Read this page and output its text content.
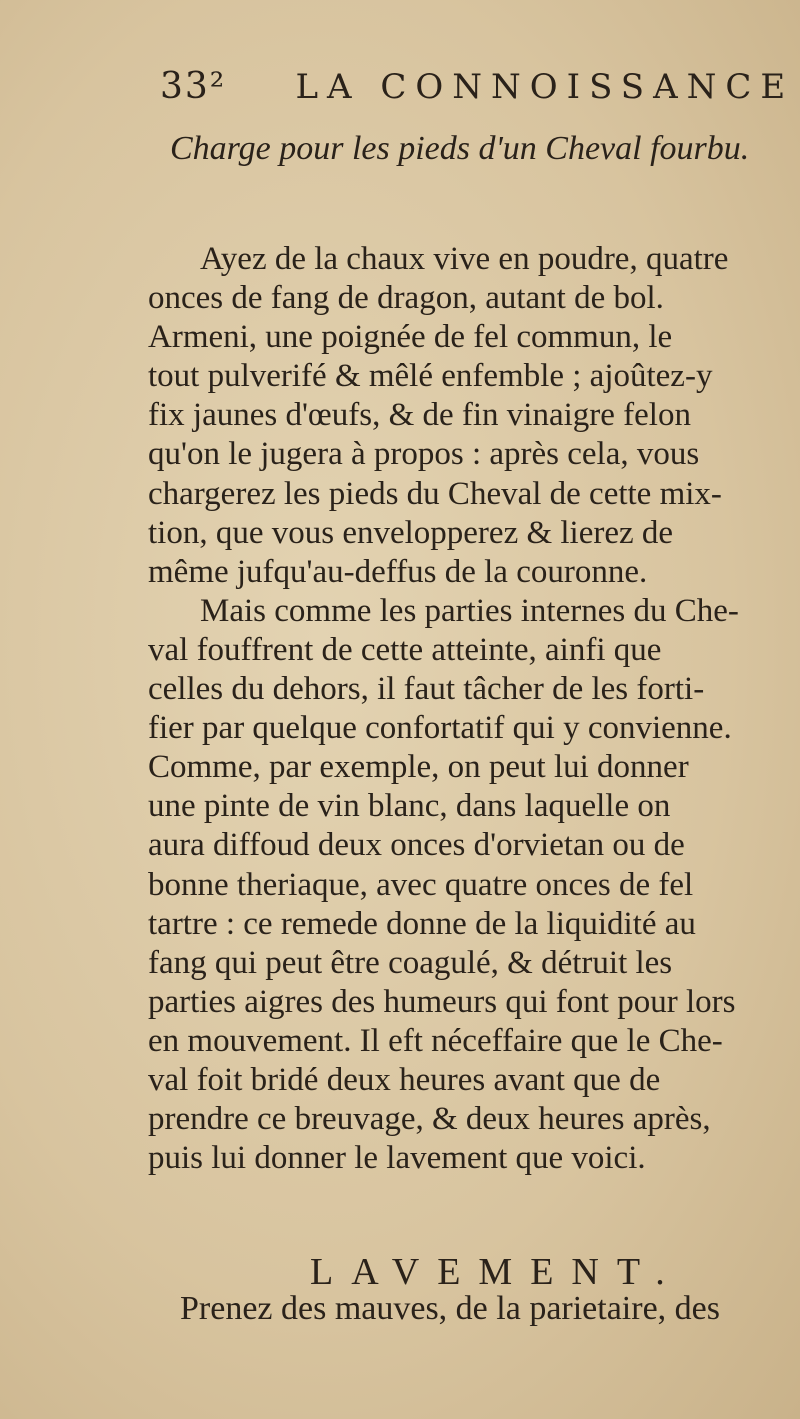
33² LA CONNOISSANCE
Charge pour les pieds d'un Cheval fourbu.
Ayez de la chaux vive en poudre, quatre
onces de fang de dragon, autant de bol.
Armeni, une poignée de fel commun, le
tout pulverifé & mêlé enfemble ; ajoûtez-y
fix jaunes d'œufs, & de fin vinaigre felon
qu'on le jugera à propos : après cela, vous
chargerez les pieds du Cheval de cette mix-
tion, que vous envelopperez & lierez de
même jufqu'au-deffus de la couronne.
Mais comme les parties internes du Che-
val fouffrent de cette atteinte, ainfi que
celles du dehors, il faut tâcher de les forti-
fier par quelque confortatif qui y convienne.
Comme, par exemple, on peut lui donner
une pinte de vin blanc, dans laquelle on
aura diffoud deux onces d'orvietan ou de
bonne theriaque, avec quatre onces de fel
tartre : ce remede donne de la liquidité au
fang qui peut être coagulé, & détruit les
parties aigres des humeurs qui font pour lors
en mouvement. Il eft néceffaire que le Che-
val foit bridé deux heures avant que de
prendre ce breuvage, & deux heures après,
puis lui donner le lavement que voici.
LAVEMENT.
Prenez des mauves, de la parietaire, des
